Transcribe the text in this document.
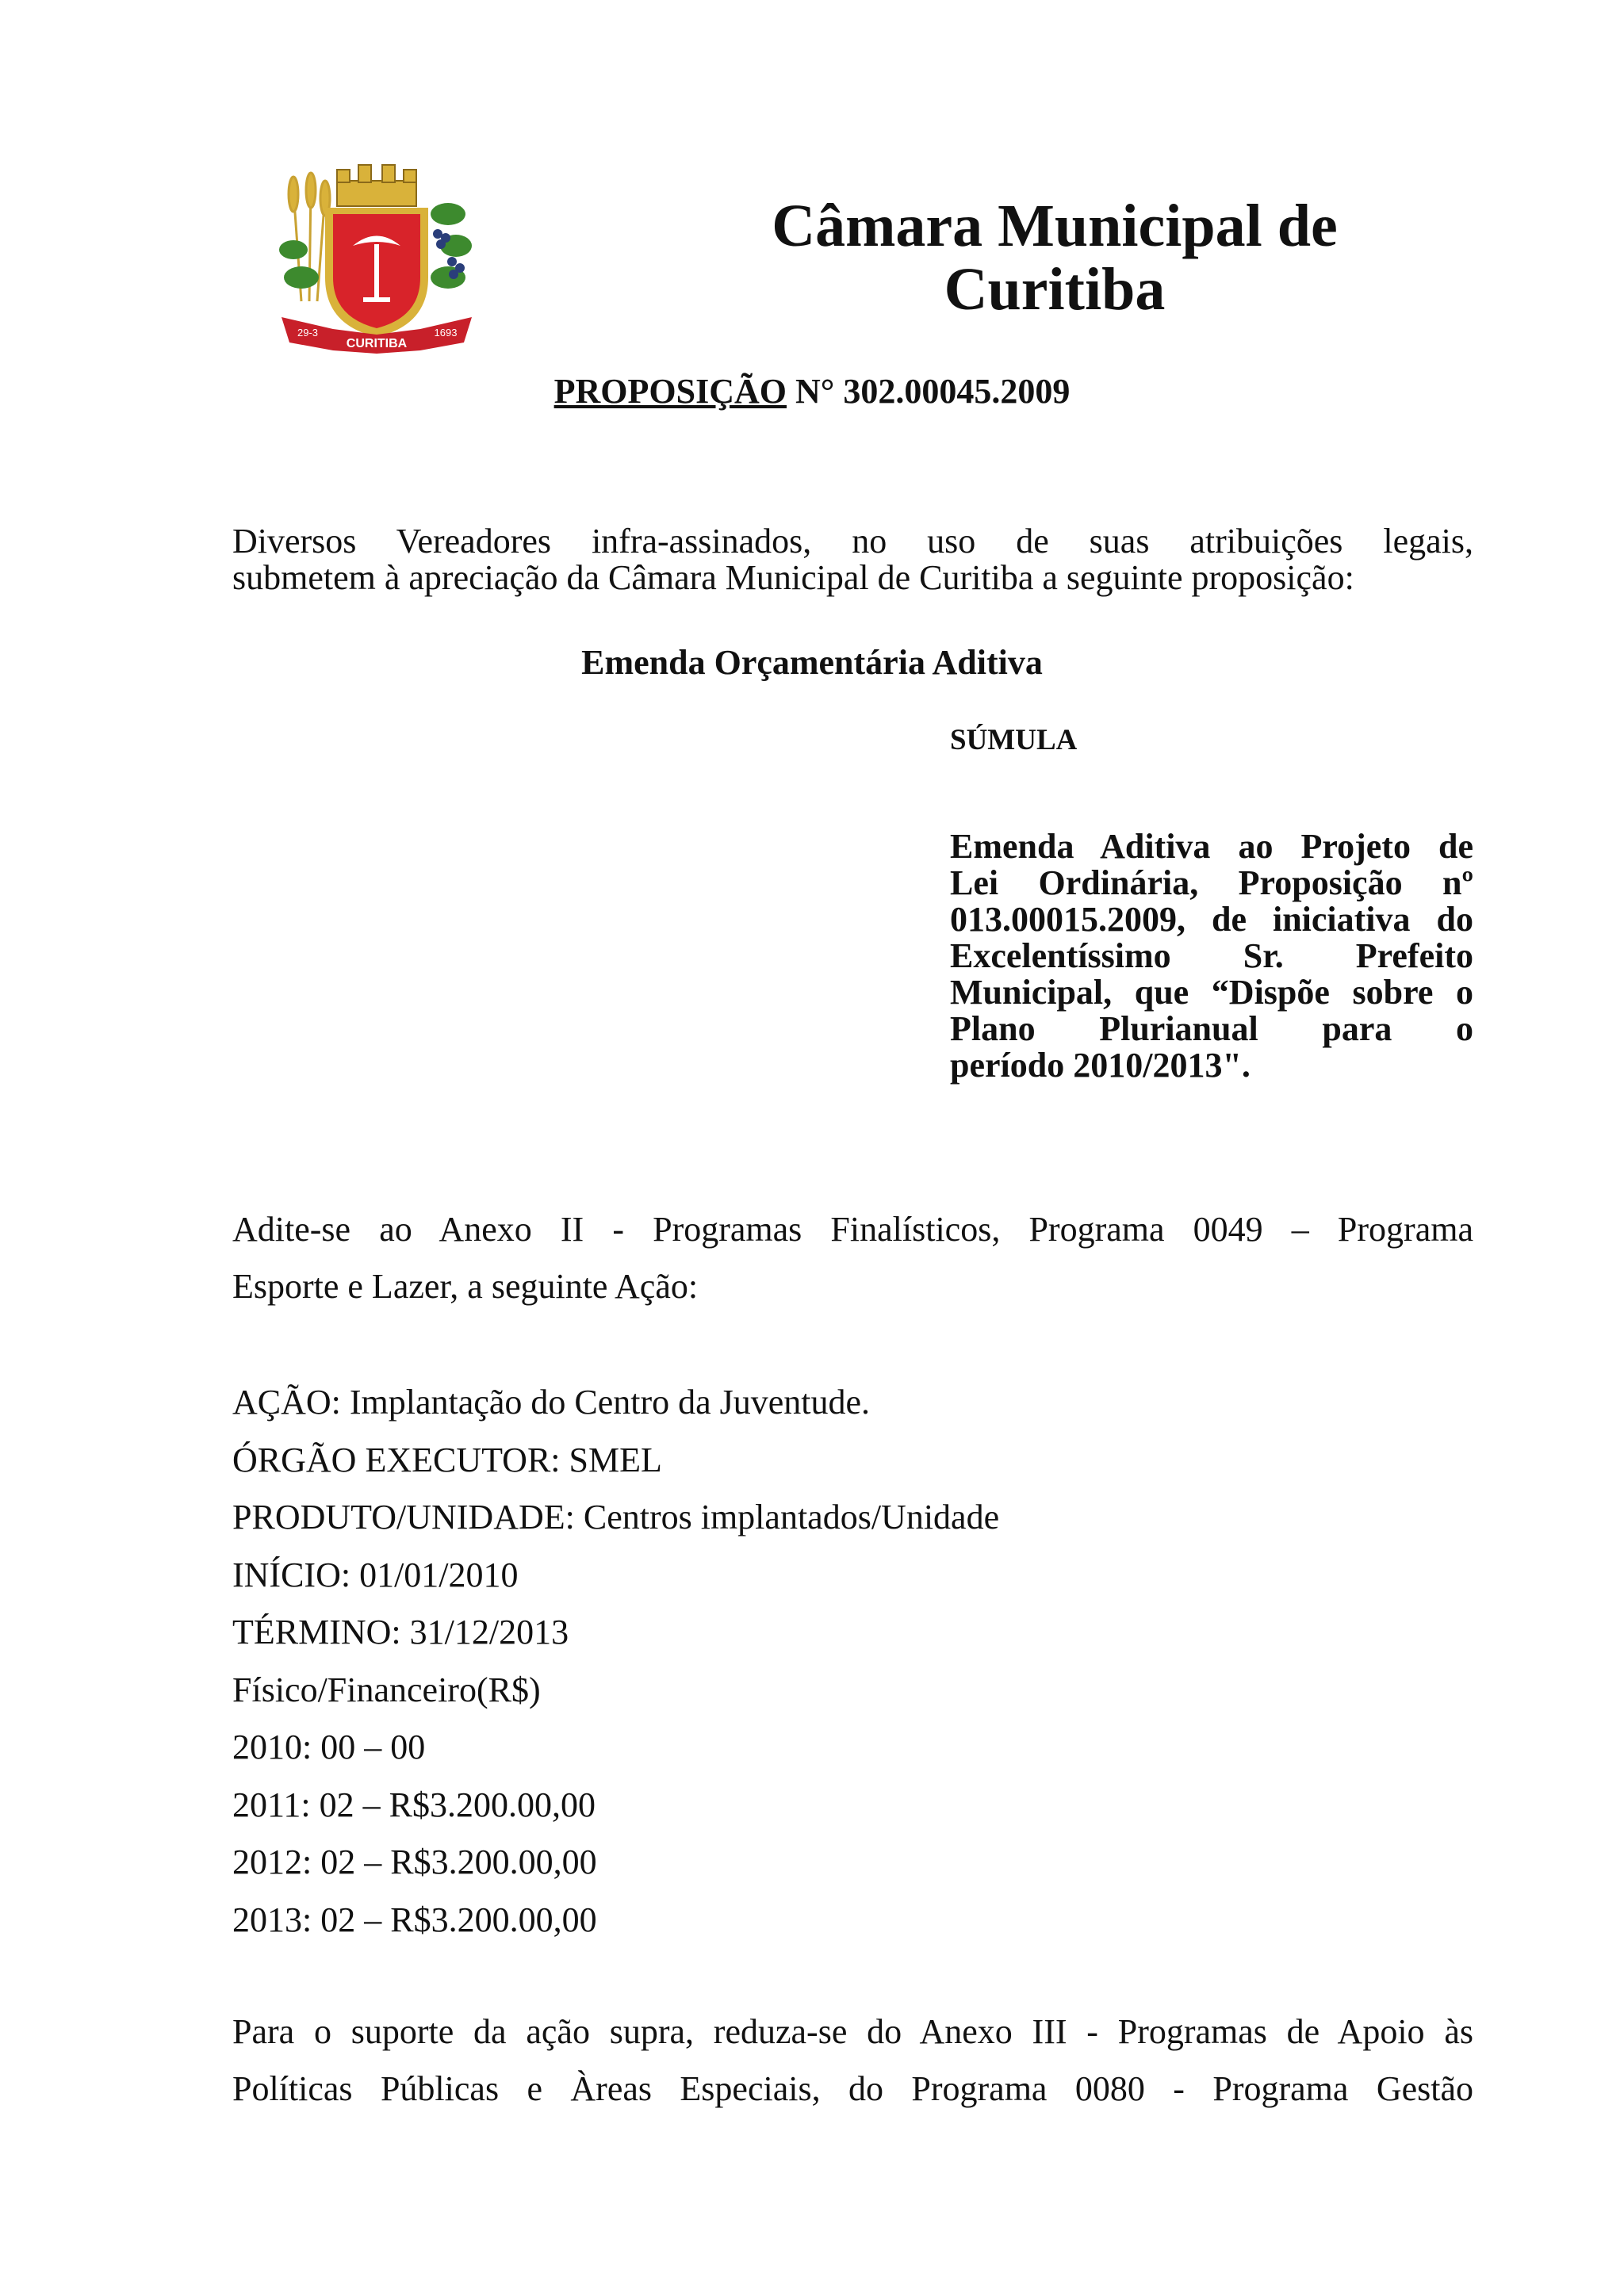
CURITIBA
29-3	1693
Câmara Municipal de
Curitiba
PROPOSIÇÃO N° 302.00045.2009
Diversos Vereadores infra-assinados, no uso de suas atribuições legais,
submetem à apreciação da Câmara Municipal de Curitiba a seguinte proposição:
Emenda Orçamentária Aditiva
SÚMULA
Emenda Aditiva ao Projeto de
Lei Ordinária, Proposição nº
013.00015.2009, de iniciativa do
Excelentíssimo Sr. Prefeito
Municipal, que “Dispõe sobre o
Plano Plurianual para o
período 2010/2013".
Adite-se ao Anexo II - Programas Finalísticos, Programa 0049 – Programa
Esporte e Lazer, a seguinte Ação:
AÇÃO: Implantação do Centro da Juventude.
ÓRGÃO EXECUTOR: SMEL
PRODUTO/UNIDADE: Centros implantados/Unidade
INÍCIO: 01/01/2010
TÉRMINO: 31/12/2013
Físico/Financeiro(R$)
2010: 00 – 00
2011: 02 – R$3.200.00,00
2012: 02 – R$3.200.00,00
2013: 02 – R$3.200.00,00
Para o suporte da ação supra, reduza-se do Anexo III - Programas de Apoio às
Políticas Públicas e Àreas Especiais, do Programa 0080 - Programa Gestão
